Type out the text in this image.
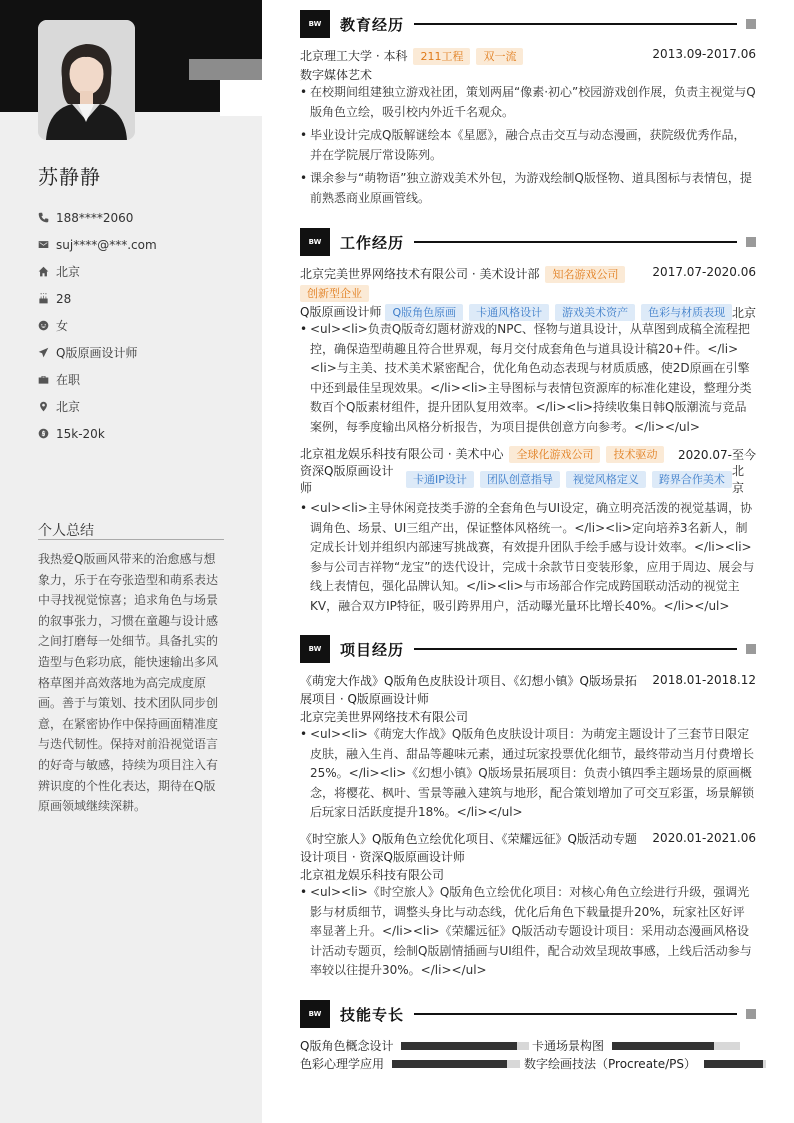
苏静静
188****2060
suj****@***.com
北京
28
女
Q版原画设计师
在职
北京
15k-20k
个人总结
我热爱Q版画风带来的治愈感与想象力，乐于在夸张造型和萌系表达中寻找视觉惊喜；追求角色与场景的叙事张力，习惯在童趣与设计感之间打磨每一处细节。具备扎实的造型与色彩功底，能快速输出多风格草图并高效落地为高完成度原画。善于与策划、技术团队同步创意，在紧密协作中保持画面精准度与迭代韧性。保持对前沿视觉语言的好奇与敏感，持续为项目注入有辨识度的个性化表达，期待在Q版原画领域继续深耕。
BW	教育经历
北京理工大学 · 本科 211工程 双一流	2013.09-2017.06
数字媒体艺术
• 在校期间组建独立游戏社团，策划两届“像素·初心”校园游戏创作展，负责主视觉与Q版角色立绘，吸引校内外近千名观众。
• 毕业设计完成Q版解谜绘本《星愿》，融合点击交互与动态漫画，获院级优秀作品，并在学院展厅常设陈列。
• 课余参与“萌物语”独立游戏美术外包，为游戏绘制Q版怪物、道具图标与表情包，提前熟悉商业原画管线。
BW	工作经历
北京完美世界网络技术有限公司 · 美术设计部 知名游戏公司	2017.07-2020.06
创新型企业
Q版原画设计师 Q版角色原画 卡通风格设计 游戏美术资产 色彩与材质表现 北京
• <ul><li>负责Q版奇幻题材游戏的NPC、怪物与道具设计，从草图到成稿全流程把控，确保造型萌趣且符合世界观，每月交付成套角色与道具设计稿20+件。</li><li>与主美、技术美术紧密配合，优化角色动态表现与材质质感，使2D原画在引擎中还到最佳呈现效果。</li><li>主导图标与表情包资源库的标准化建设，整理分类数百个Q版素材组件，提升团队复用效率。</li><li>持续收集日韩Q版潮流与竞品案例，每季度输出风格分析报告，为项目提供创意方向参考。</li></ul>
北京祖龙娱乐科技有限公司 · 美术中心 全球化游戏公司 技术驱动	2020.07-至今
资深Q版原画设计师
卡通IP设计 团队创意指导 视觉风格定义 跨界合作美术
北京
• <ul><li>主导休闲竞技类手游的全套角色与UI设定，确立明亮活泼的视觉基调，协调角色、场景、UI三组产出，保证整体风格统一。</li><li>定向培养3名新人，制定成长计划并组织内部速写挑战赛，有效提升团队手绘手感与设计效率。</li><li>参与公司吉祥物“龙宝”的迭代设计，完成十余款节日变装形象，应用于周边、展会与线上表情包，强化品牌认知。</li><li>与市场部合作完成跨国联动活动的视觉主KV，融合双方IP特征，吸引跨界用户，活动曝光量环比增长40%。</li></ul>
BW	项目经历
《萌宠大作战》Q版角色皮肤设计项目、《幻想小镇》Q版场景拓展项目 · Q版原画设计师
2018.01-2018.12
北京完美世界网络技术有限公司
• <ul><li>《萌宠大作战》Q版角色皮肤设计项目：为萌宠主题设计了三套节日限定皮肤，融入生肖、甜品等趣味元素，通过玩家投票优化细节，最终带动当月付费增长25%。</li><li>《幻想小镇》Q版场景拓展项目：负责小镇四季主题场景的原画概念，将樱花、枫叶、雪景等融入建筑与地形，配合策划增加了可交互彩蛋，场景解锁后玩家日活跃度提升18%。</li></ul>
《时空旅人》Q版角色立绘优化项目、《荣耀远征》Q版活动专题设计项目 · 资深Q版原画设计师
2020.01-2021.06
北京祖龙娱乐科技有限公司
• <ul><li>《时空旅人》Q版角色立绘优化项目：对核心角色立绘进行升级，强调光影与材质细节，调整头身比与动态线，优化后角色下载量提升20%，玩家社区好评率显著上升。</li><li>《荣耀远征》Q版活动专题设计项目：采用动态漫画风格设计活动专题页，绘制Q版剧情插画与UI组件，配合动效呈现故事感，上线后活动参与率较以往提升30%。</li></ul>
BW	技能专长
Q版角色概念设计	卡通场景构图
色彩心理学应用	数字绘画技法（Procreate/PS）
